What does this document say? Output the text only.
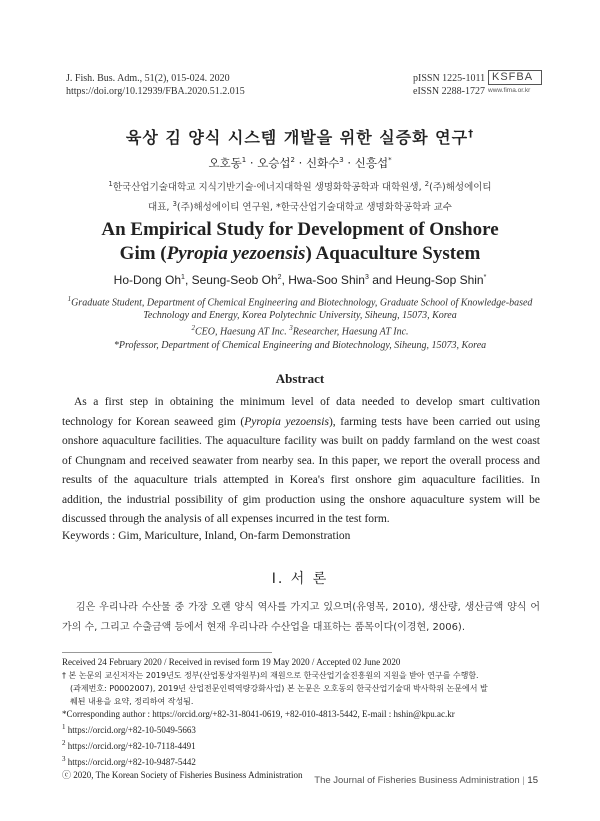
J. Fish. Bus. Adm., 51(2), 015-024. 2020
https://doi.org/10.12939/FBA.2020.51.2.015
pISSN 1225-1011
eISSN 2288-1727
KSFBA
www.fima.or.kr
육상 김 양식 시스템 개발을 위한 실증화 연구†
오호동$^1$ · 오승섭$^2$ · 신화수$^3$ · 신흥섭*
$^1$한국산업기술대학교 지식기반기술·에너지대학원 생명화학공학과 대학원생, $^2$(주)해성에이티
대표, $^3$(주)해성에이티 연구원, *한국산업기술대학교 생명화학공학과 교수
An Empirical Study for Development of Onshore
Gim (Pyropia yezoensis) Aquaculture System
Ho-Dong Oh$^1$, Seung-Seob Oh$^2$, Hwa-Soo Shin$^3$ and Heung-Sop Shin*
$^1$Graduate Student, Department of Chemical Engineering and Biotechnology, Graduate School of Knowledge-based
Technology and Energy, Korea Polytechnic University, Siheung, 15073, Korea
$^2$CEO, Haesung AT Inc. $^3$Researcher, Haesung AT Inc.
*Professor, Department of Chemical Engineering and Biotechnology, Siheung, 15073, Korea
Abstract
As a first step in obtaining the minimum level of data needed to develop smart cultivation technology for Korean seaweed gim (Pyropia yezoensis), farming tests have been carried out using onshore aquaculture facilities. The aquaculture facility was built on paddy farmland on the west coast of Chungnam and received seawater from nearby sea. In this paper, we report the overall process and results of the aquaculture trials attempted in Korea's first onshore gim aquaculture facilities. In addition, the industrial possibility of gim production using the onshore aquaculture system will be discussed through the analysis of all expenses incurred in the test form.
Keywords : Gim, Mariculture, Inland, On-farm Demonstration
I. 서 론
김은 우리나라 수산물 중 가장 오랜 양식 역사를 가지고 있으며(유영목, 2010), 생산량, 생산금액 양식 어가의 수, 그리고 수출금액 등에서 현재 우리나라 수산업을 대표하는 품목이다(이경현, 2006).
Received 24 February 2020 / Received in revised form 19 May 2020 / Accepted 02 June 2020
† 본 논문의 교신저자는 2019년도 정부(산업통상자원부)의 재원으로 한국산업기술진흥원의 지원을 받아 연구를 수행함.
(과제번호: P0002007), 2019년 산업전문인력역량강화사업) 본 논문은 오호동의 한국산업기술대 박사학위 논문에서 발
췌된 내용을 요약, 정리하여 작성됨.
*Corresponding author : https://orcid.org/+82-31-8041-0619, +82-010-4813-5442, E-mail : hshin@kpu.ac.kr
$^1$ https://orcid.org/+82-10-5049-5663
$^2$ https://orcid.org/+82-10-7118-4491
$^3$ https://orcid.org/+82-10-9487-5442
ⓒ 2020, The Korean Society of Fisheries Business Administration	The Journal of Fisheries Business Administration | 15
